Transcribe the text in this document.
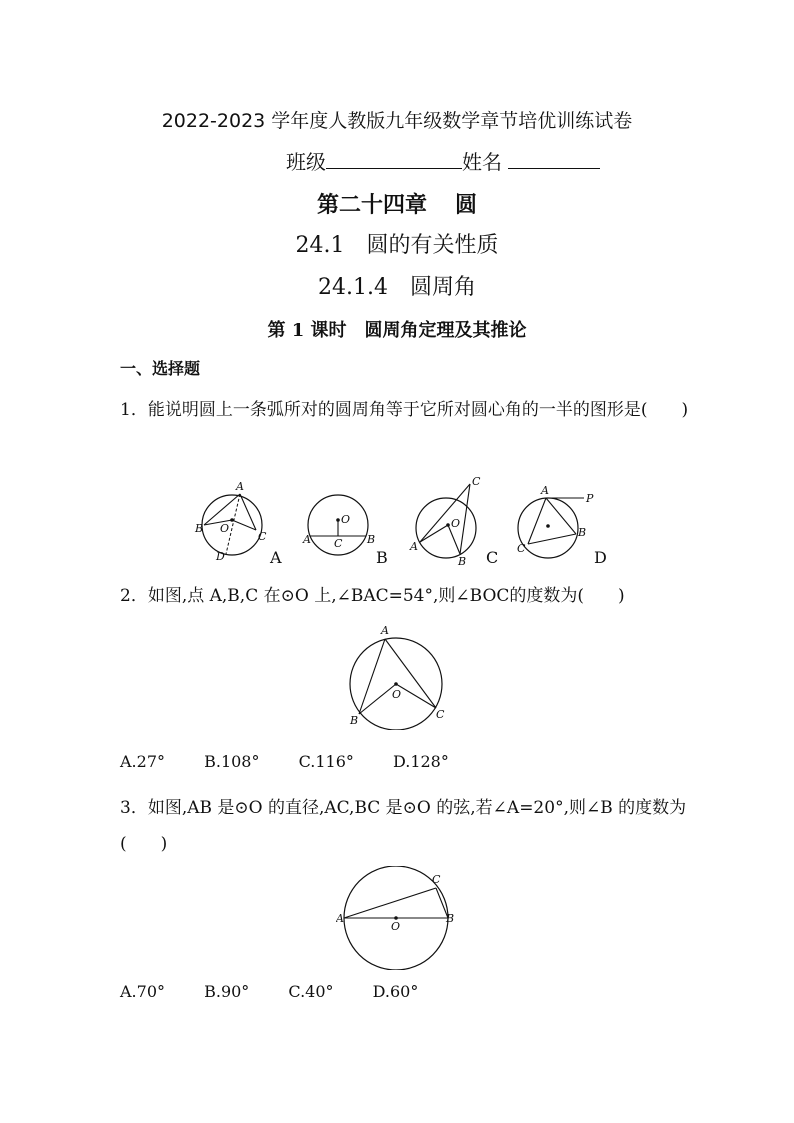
2022-2023 学年度人教版九年级数学章节培优训练试卷
班级	姓名
第二十四章 圆
24.1　圆的有关性质
24.1.4　圆周角
第 1 课时　圆周角定理及其推论
一、选择题
1．能说明圆上一条弧所对的圆周角等于它所对圆心角的一半的图形是(　　)
A
B O
C
D	A
O
A C B
B
C
O
A
B C
A
P
B
C	D
2．如图,点 A,B,C 在⊙O 上,∠BAC=54°,则∠BOC的度数为(　　)
A
O
B	C
A.27° B.108° C.116° D.128°
3．如图,AB 是⊙O 的直径,AC,BC 是⊙O 的弦,若∠A=20°,则∠B 的度数为(　　)
C
A	B
O
A.70° B.90° C.40° D.60°
